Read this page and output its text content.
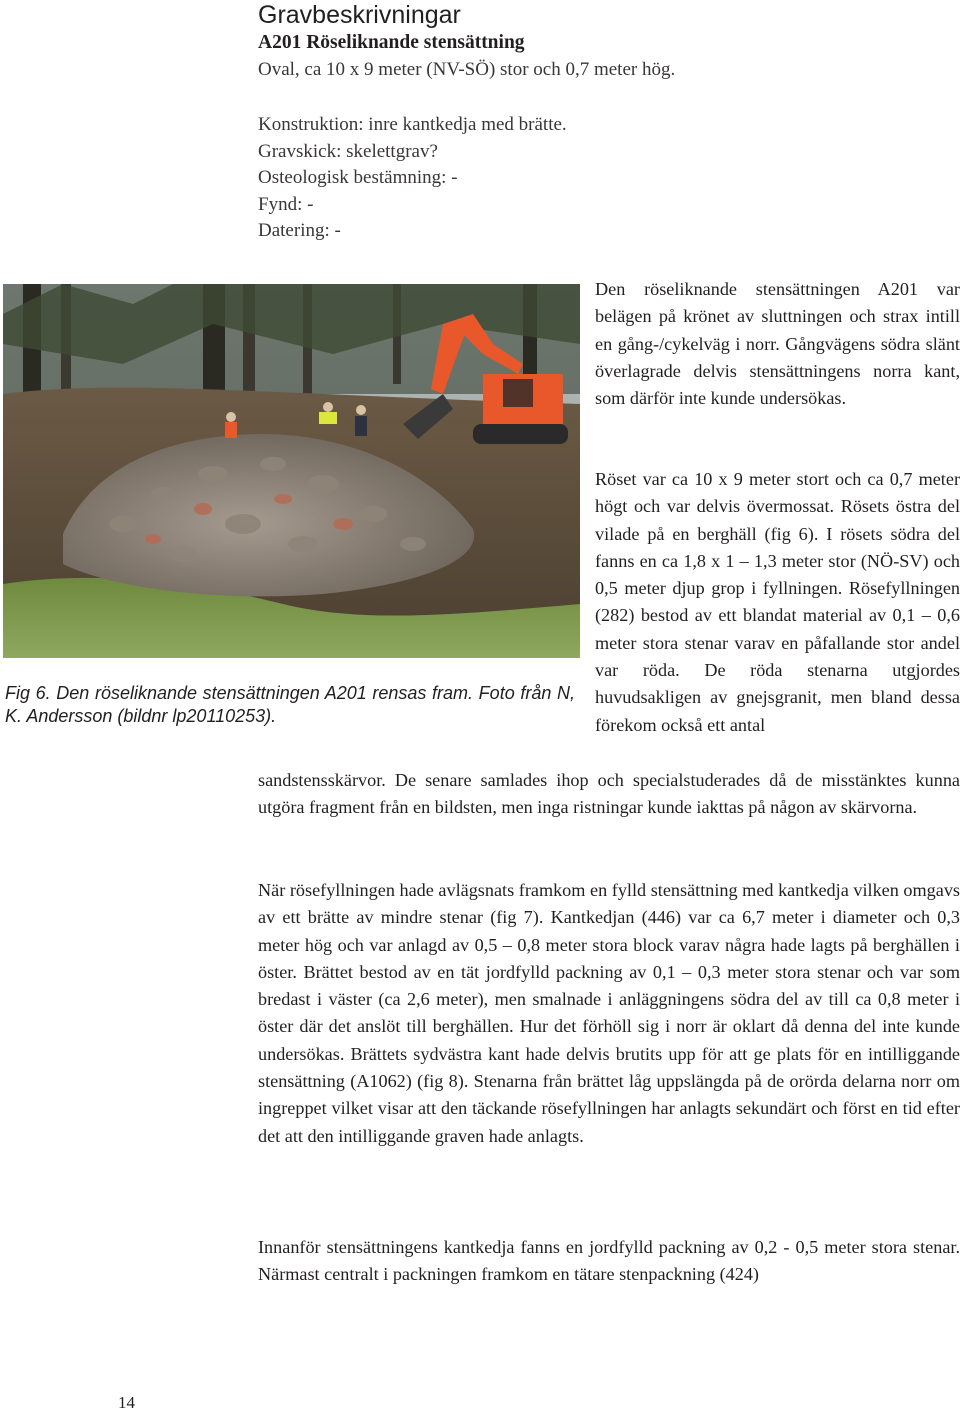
Gravbeskrivningar
A201 Röseliknande stensättning
Oval, ca 10 x 9 meter (NV-SÖ) stor och 0,7 meter hög.
Konstruktion: inre kantkedja med brätte.
Gravskick: skelettgrav?
Osteologisk bestämning: -
Fynd: -
Datering: -
Fig 6. Den röseliknande stensättningen A201 rensas fram. Foto från N, K. Andersson (bildnr lp20110253).
Den röseliknande stensättningen A201 var belägen på krönet av sluttningen och strax intill en gång-/cykelväg i norr. Gångvägens södra slänt överlagrade delvis stensättningens norra kant, som därför inte kunde undersökas.
Röset var ca 10 x 9 meter stort och ca 0,7 meter högt och var delvis övermossat. Rösets östra del vilade på en berghäll (fig 6). I rösets södra del fanns en ca 1,8 x 1 – 1,3 meter stor (NÖ-SV) och 0,5 meter djup grop i fyllningen. Rösefyllningen (282) bestod av ett blandat material av 0,1 – 0,6 meter stora stenar varav en påfallande stor andel var röda. De röda stenarna utgjordes huvudsakligen av gnejsgranit, men bland dessa förekom också ett antal
sandstensskärvor. De senare samlades ihop och specialstuderades då de misstänktes kunna utgöra fragment från en bildsten, men inga ristningar kunde iakttas på någon av skärvorna.
När rösefyllningen hade avlägsnats framkom en fylld stensättning med kantkedja vilken omgavs av ett brätte av mindre stenar (fig 7). Kantkedjan (446) var ca 6,7 meter i diameter och 0,3 meter hög och var anlagd av 0,5 – 0,8 meter stora block varav några hade lagts på berghällen i öster. Brättet bestod av en tät jordfylld packning av 0,1 – 0,3 meter stora stenar och var som bredast i väster (ca 2,6 meter), men smalnade i anläggningens södra del av till ca 0,8 meter i öster där det anslöt till berghällen. Hur det förhöll sig i norr är oklart då denna del inte kunde undersökas. Brättets sydvästra kant hade delvis brutits upp för att ge plats för en intilliggande stensättning (A1062) (fig 8). Stenarna från brättet låg uppslängda på de orörda delarna norr om ingreppet vilket visar att den täckande rösefyllningen har anlagts sekundärt och först en tid efter det att den intilliggande graven hade anlagts.
Innanför stensättningens kantkedja fanns en jordfylld packning av 0,2 - 0,5 meter stora stenar. Närmast centralt i packningen framkom en tätare stenpackning (424)
14
